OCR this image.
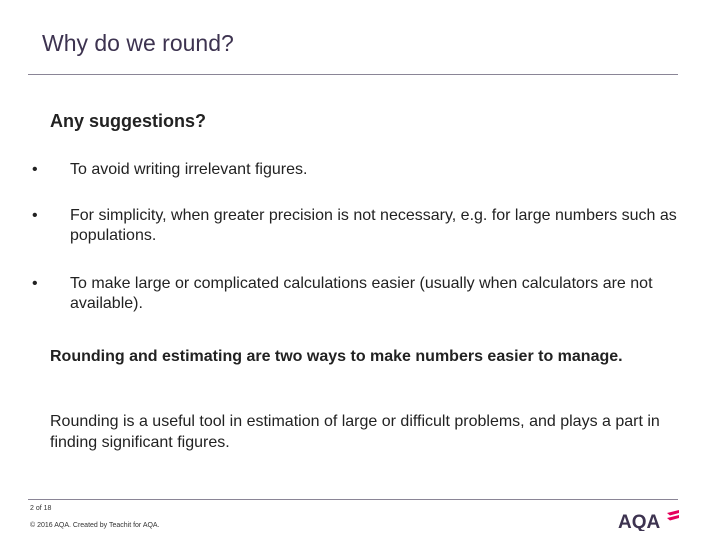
Why do we round?
Any suggestions?
• To avoid writing irrelevant figures.
• For simplicity, when greater precision is not necessary, e.g. for large numbers such as populations.
• To make large or complicated calculations easier (usually when calculators are not available).
Rounding and estimating are two ways to make numbers easier to manage.
Rounding is a useful tool in estimation of large or difficult problems, and plays a part in finding significant figures.
2 of 18
© 2016 AQA. Created by Teachit for AQA.	AQA
